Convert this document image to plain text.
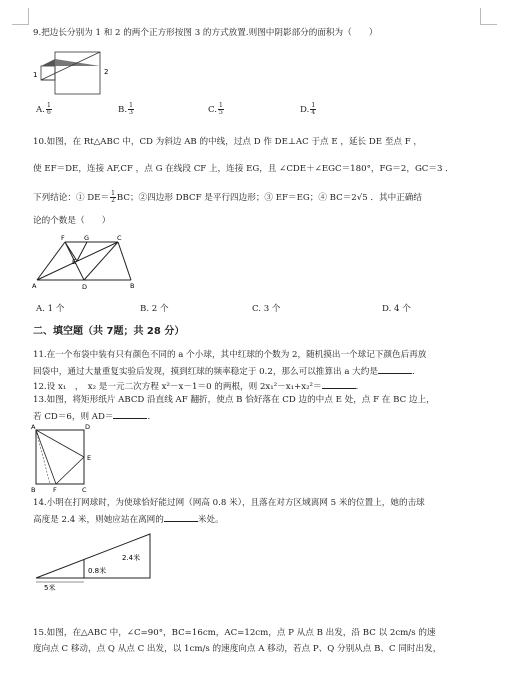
9.把边长分别为 1 和 2 的两个正方形按图 3 的方式放置.则图中阴影部分的面积为（　　）
1	2
A. $\frac{1}{6}$	B. $\frac{1}{3}$	C. $\frac{1}{5}$	D. $\frac{1}{4}$
10.如图，在 Rt△ABC 中，CD 为斜边 AB 的中线，过点 D 作 DE⊥AC 于点 E ，延长 DE 至点 F ，
使 EF＝DE，连接 AF,CF ，点 G 在线段 CF 上，连接 EG，且 ∠CDE＋∠EGC＝180°，FG＝2，GC＝3 ．
下列结论：① $DE= \frac{1}{2}$ BC；②四边形 DBCF 是平行四边形；③ EF＝EG；④ BC＝2√5 ．其中正确结
论的个数是（　　）
F	G	C
E
A	D	B
A. 1 个	B. 2 个	C. 3 个	D. 4 个
二、填空题（共 7题；共 28 分）
11.在一个布袋中装有只有颜色不同的 a 个小球，其中红球的个数为 2，随机摸出一个球记下颜色后再放
回袋中，通过大量重复实验后发现，摸到红球的频率稳定于 0.2，那么可以推算出 a 大约是	.
12.设 x₁　，　x₂ 是一元二次方程 x²－x－1＝0 的两根，则 2x₁²－x₁+x₂²＝	.
13.如图，将矩形纸片 ABCD 沿直线 AF 翻折，使点 B 恰好落在 CD 边的中点 E 处，点 F 在 BC 边上，
若 CD＝6，则 AD＝	.
A	D
E
B	F	C
14.小明在打网球时，为使球恰好能过网（网高 0.8 米），且落在对方区域离网 5 米的位置上，她的击球
高度是 2.4 米，则她应站在离网的	米处。
2.4米
0.8米
5米
15.如图，在△ABC 中，∠C=90°，BC=16cm，AC=12cm，点 P 从点 B 出发，沿 BC 以 2cm/s 的速
度向点 C 移动，点 Q 从点 C 出发，以 1cm/s 的速度向点 A 移动，若点 P、Q 分别从点 B、C 同时出发，
